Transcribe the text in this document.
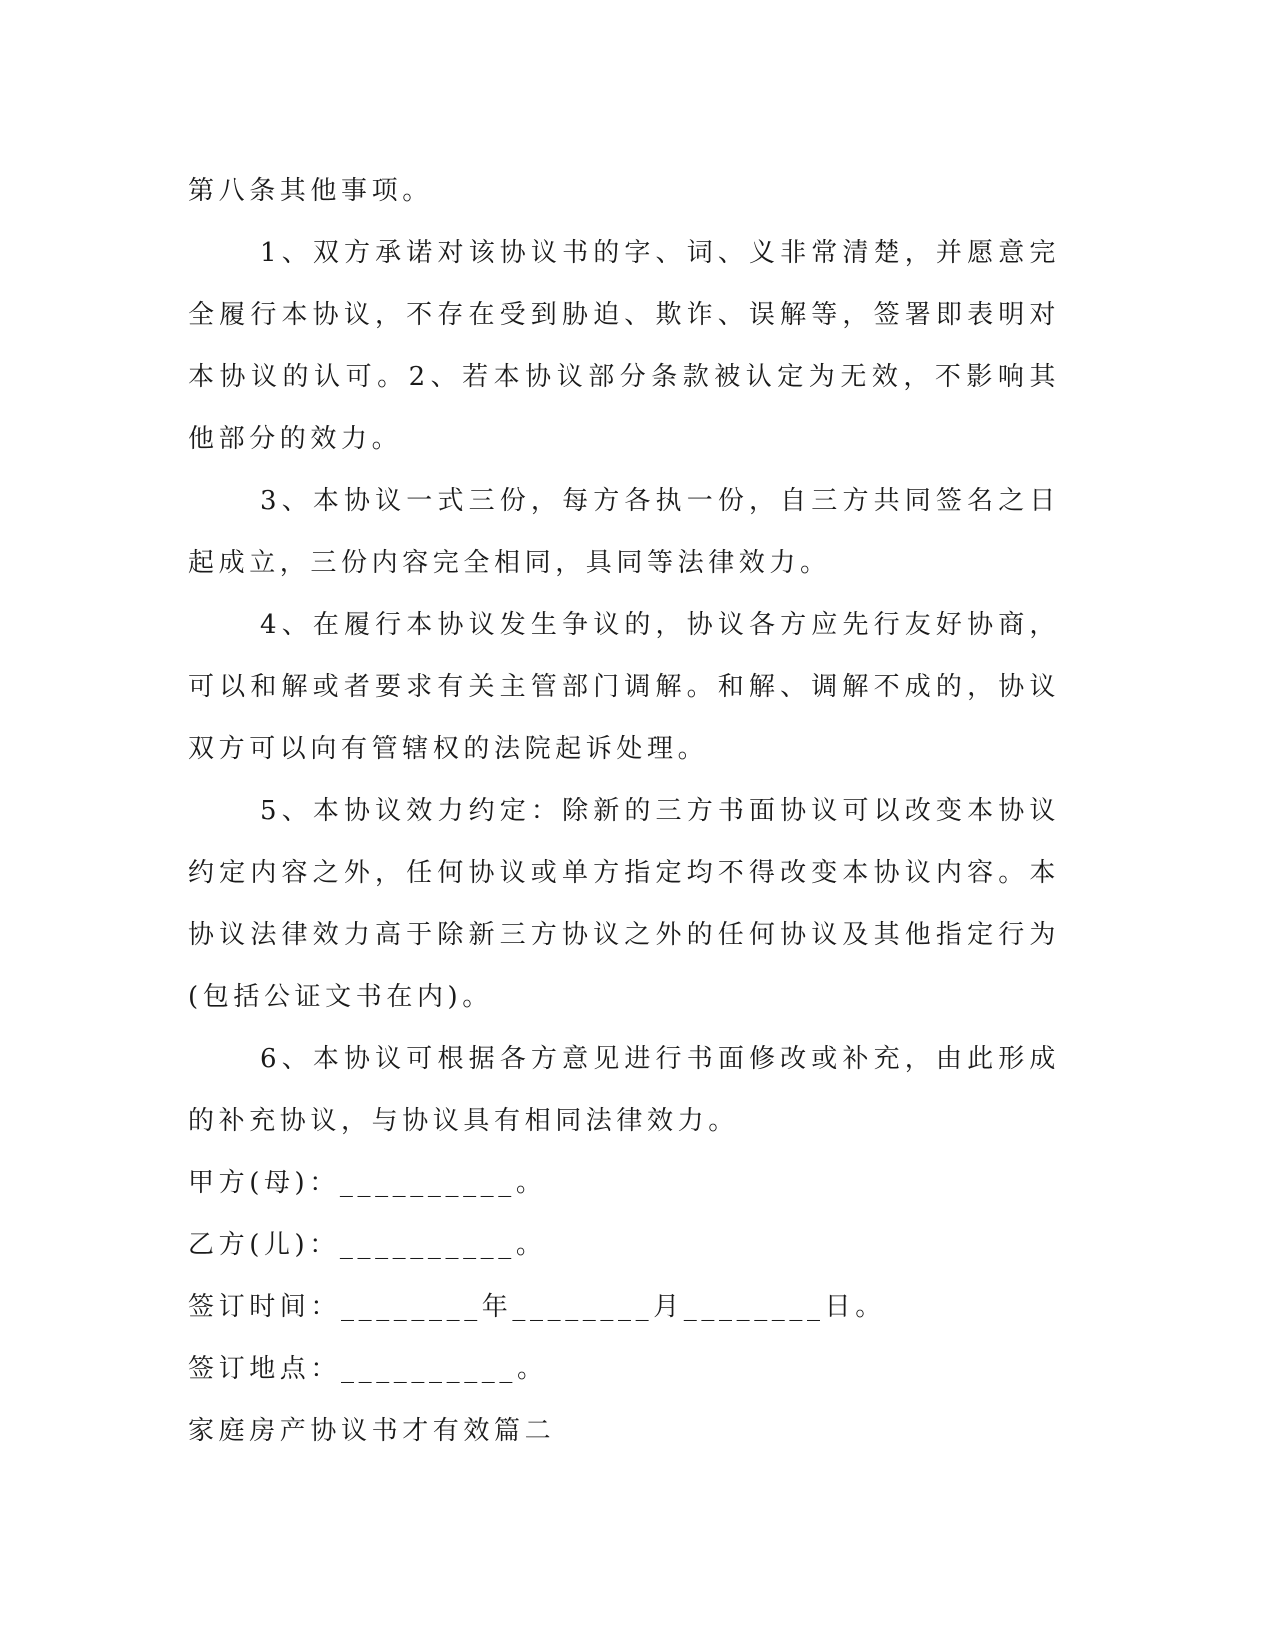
第八条其他事项。

1、双方承诺对该协议书的字、词、义非常清楚，并愿意完全履行本协议，不存在受到胁迫、欺诈、误解等，签署即表明对本协议的认可。2、若本协议部分条款被认定为无效，不影响其他部分的效力。

3、本协议一式三份，每方各执一份，自三方共同签名之日起成立，三份内容完全相同，具同等法律效力。

4、在履行本协议发生争议的，协议各方应先行友好协商，可以和解或者要求有关主管部门调解。和解、调解不成的，协议双方可以向有管辖权的法院起诉处理。

5、本协议效力约定：除新的三方书面协议可以改变本协议约定内容之外，任何协议或单方指定均不得改变本协议内容。本协议法律效力高于除新三方协议之外的任何协议及其他指定行为(包括公证文书在内)。

6、本协议可根据各方意见进行书面修改或补充，由此形成的补充协议，与协议具有相同法律效力。

甲方(母)：__________。

乙方(儿)：__________。

签订时间：________年________月________日。

签订地点：__________。

家庭房产协议书才有效篇二
